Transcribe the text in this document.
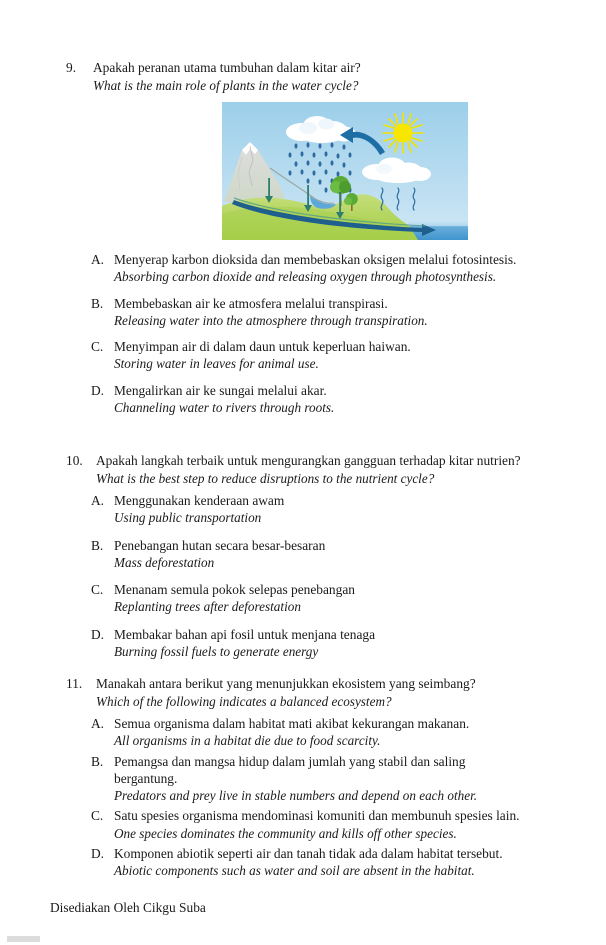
9.	Apakah peranan utama tumbuhan dalam kitar air?
What is the main role of plants in the water cycle?
A. Menyerap karbon dioksida dan membebaskan oksigen melalui fotosintesis.
Absorbing carbon dioxide and releasing oxygen through photosynthesis.
B. Membebaskan air ke atmosfera melalui transpirasi.
Releasing water into the atmosphere through transpiration.
C. Menyimpan air di dalam daun untuk keperluan haiwan.
Storing water in leaves for animal use.
D. Mengalirkan air ke sungai melalui akar.
Channeling water to rivers through roots.
10. Apakah langkah terbaik untuk mengurangkan gangguan terhadap kitar nutrien?
What is the best step to reduce disruptions to the nutrient cycle?
A. Menggunakan kenderaan awam
Using public transportation
B. Penebangan hutan secara besar-besaran
Mass deforestation
C. Menanam semula pokok selepas penebangan
Replanting trees after deforestation
D. Membakar bahan api fosil untuk menjana tenaga
Burning fossil fuels to generate energy
11.	Manakah antara berikut yang menunjukkan ekosistem yang seimbang?
Which of the following indicates a balanced ecosystem?
A. Semua organisma dalam habitat mati akibat kekurangan makanan.
All organisms in a habitat die due to food scarcity.
B. Pemangsa dan mangsa hidup dalam jumlah yang stabil dan saling bergantung.
Predators and prey live in stable numbers and depend on each other.
C. Satu spesies organisma mendominasi komuniti dan membunuh spesies lain.
One species dominates the community and kills off other species.
D. Komponen abiotik seperti air dan tanah tidak ada dalam habitat tersebut.
Abiotic components such as water and soil are absent in the habitat.
Disediakan Oleh Cikgu Suba
